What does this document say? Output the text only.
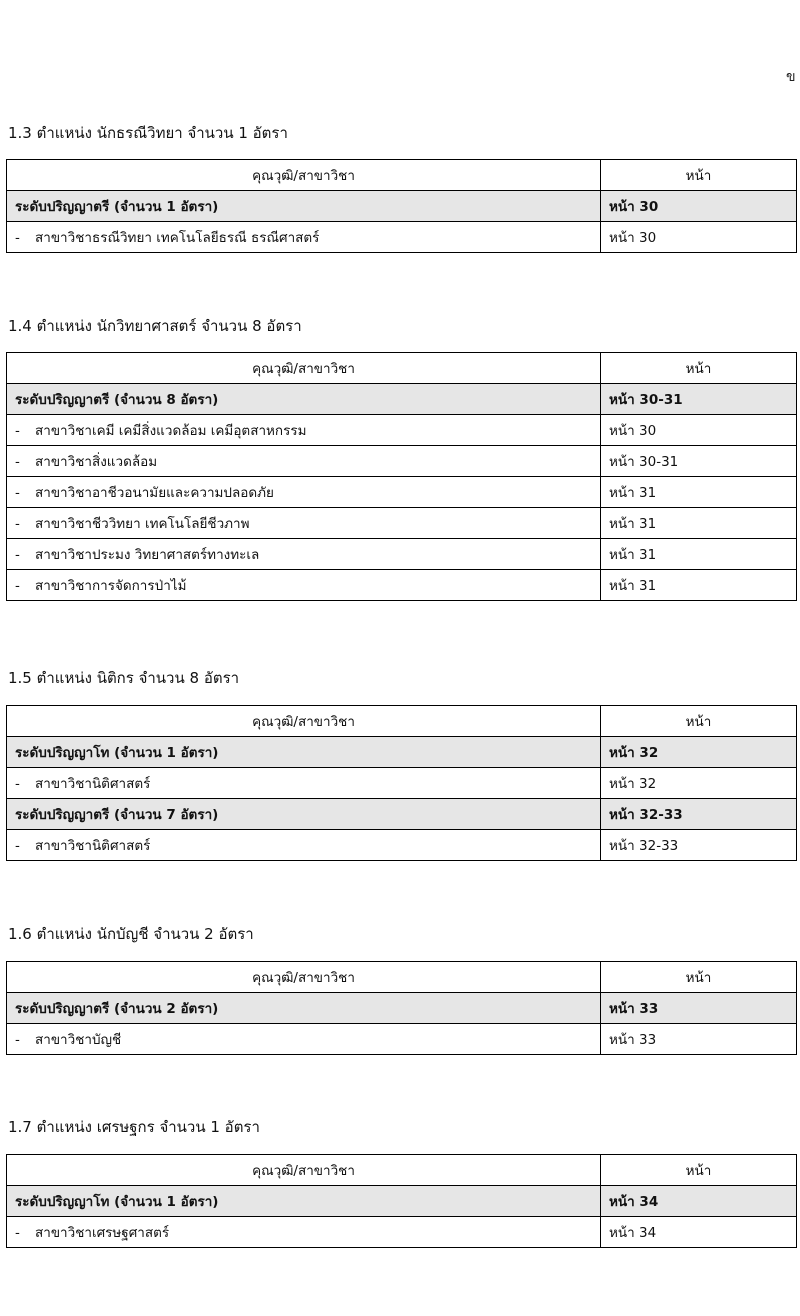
ข
1.3 ตำแหน่ง นักธรณีวิทยา จำนวน 1 อัตรา
คุณวุฒิ/สาขาวิชา	หน้า
ระดับปริญญาตรี (จำนวน 1 อัตรา)	หน้า 30
- สาขาวิชาธรณีวิทยา เทคโนโลยีธรณี ธรณีศาสตร์	หน้า 30
1.4 ตำแหน่ง นักวิทยาศาสตร์ จำนวน 8 อัตรา
คุณวุฒิ/สาขาวิชา	หน้า
ระดับปริญญาตรี (จำนวน 8 อัตรา)	หน้า 30-31
- สาขาวิชาเคมี เคมีสิ่งแวดล้อม เคมีอุตสาหกรรม	หน้า 30
- สาขาวิชาสิ่งแวดล้อม	หน้า 30-31
- สาขาวิชาอาชีวอนามัยและความปลอดภัย	หน้า 31
- สาขาวิชาชีววิทยา เทคโนโลยีชีวภาพ	หน้า 31
- สาขาวิชาประมง วิทยาศาสตร์ทางทะเล	หน้า 31
- สาขาวิชาการจัดการป่าไม้	หน้า 31
1.5 ตำแหน่ง นิติกร จำนวน 8 อัตรา
คุณวุฒิ/สาขาวิชา	หน้า
ระดับปริญญาโท (จำนวน 1 อัตรา)	หน้า 32
- สาขาวิชานิติศาสตร์	หน้า 32
ระดับปริญญาตรี (จำนวน 7 อัตรา)	หน้า 32-33
- สาขาวิชานิติศาสตร์	หน้า 32-33
1.6 ตำแหน่ง นักบัญชี จำนวน 2 อัตรา
คุณวุฒิ/สาขาวิชา	หน้า
ระดับปริญญาตรี (จำนวน 2 อัตรา)	หน้า 33
- สาขาวิชาบัญชี	หน้า 33
1.7 ตำแหน่ง เศรษฐกร จำนวน 1 อัตรา
คุณวุฒิ/สาขาวิชา	หน้า
ระดับปริญญาโท (จำนวน 1 อัตรา)	หน้า 34
- สาขาวิชาเศรษฐศาสตร์	หน้า 34
